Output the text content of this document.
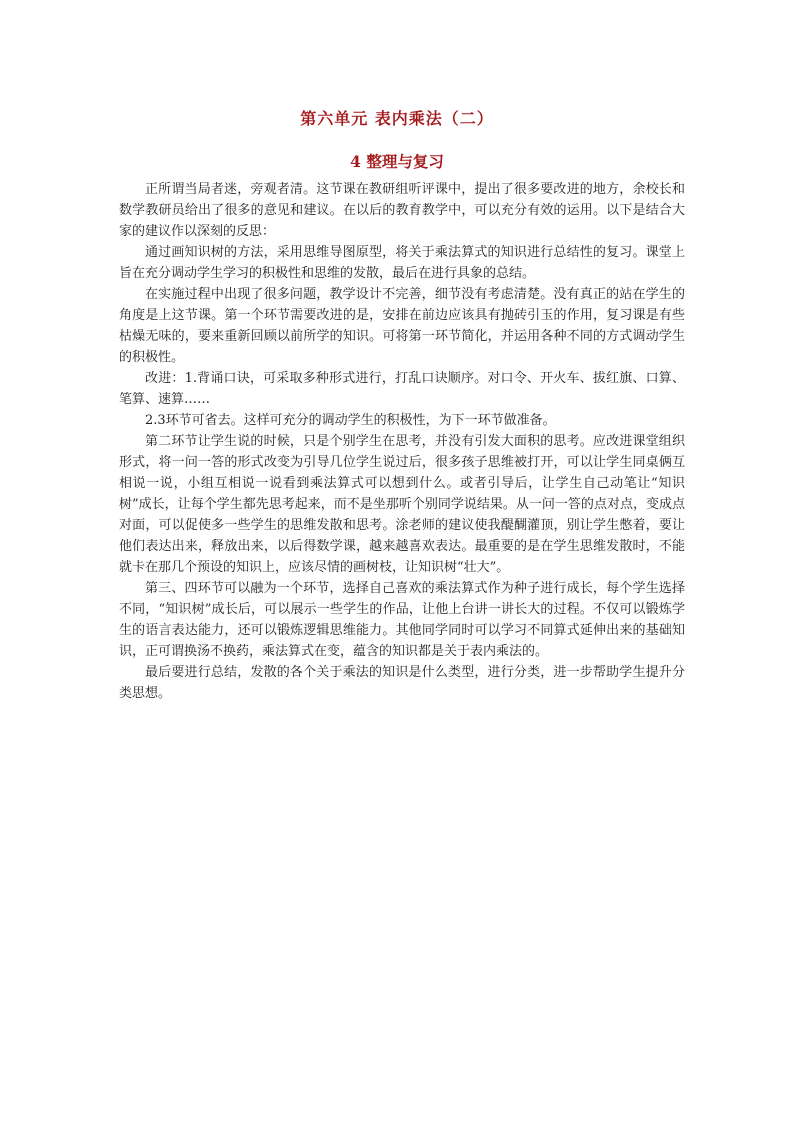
第六单元 表内乘法（二）
4 整理与复习

正所谓当局者迷，旁观者清。这节课在教研组听评课中，提出了很多要改进的地方，余校长和数学教研员给出了很多的意见和建议。在以后的教育教学中，可以充分有效的运用。以下是结合大家的建议作以深刻的反思：

通过画知识树的方法，采用思维导图原型，将关于乘法算式的知识进行总结性的复习。课堂上旨在充分调动学生学习的积极性和思维的发散，最后在进行具象的总结。

在实施过程中出现了很多问题，教学设计不完善，细节没有考虑清楚。没有真正的站在学生的角度是上这节课。第一个环节需要改进的是，安排在前边应该具有抛砖引玉的作用，复习课是有些枯燥无味的，要来重新回顾以前所学的知识。可将第一环节简化，并运用各种不同的方式调动学生的积极性。

改进：1.背诵口诀，可采取多种形式进行，打乱口诀顺序。对口令、开火车、拔红旗、口算、笔算、速算……

2.3环节可省去。这样可充分的调动学生的积极性，为下一环节做准备。

第二环节让学生说的时候，只是个别学生在思考，并没有引发大面积的思考。应改进课堂组织形式，将一问一答的形式改变为引导几位学生说过后，很多孩子思维被打开，可以让学生同桌俩互相说一说，小组互相说一说看到乘法算式可以想到什么。或者引导后，让学生自己动笔让“知识树”成长，让每个学生都先思考起来，而不是坐那听个别同学说结果。从一问一答的点对点，变成点对面，可以促使多一些学生的思维发散和思考。涂老师的建议使我醍醐灌顶，别让学生憋着，要让他们表达出来，释放出来，以后得数学课，越来越喜欢表达。最重要的是在学生思维发散时，不能就卡在那几个预设的知识上，应该尽情的画树枝，让知识树“壮大”。

第三、四环节可以融为一个环节，选择自己喜欢的乘法算式作为种子进行成长，每个学生选择不同，“知识树”成长后，可以展示一些学生的作品，让他上台讲一讲长大的过程。不仅可以锻炼学生的语言表达能力，还可以锻炼逻辑思维能力。其他同学同时可以学习不同算式延伸出来的基础知识，正可谓换汤不换药，乘法算式在变，蕴含的知识都是关于表内乘法的。

最后要进行总结，发散的各个关于乘法的知识是什么类型，进行分类，进一步帮助学生提升分类思想。
